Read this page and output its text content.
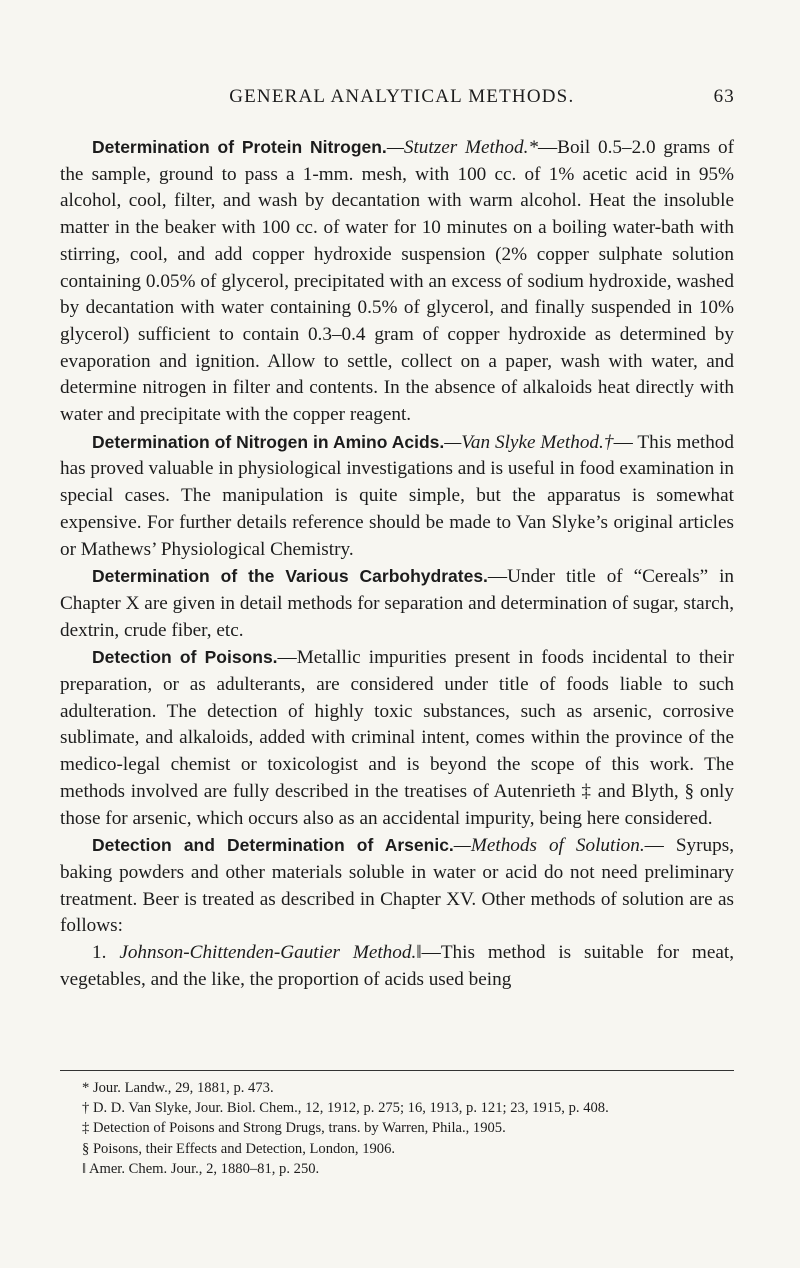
GENERAL ANALYTICAL METHODS.	63

Determination of Protein Nitrogen.—Stutzer Method.*—Boil 0.5–2.0 grams of the sample, ground to pass a 1-mm. mesh, with 100 cc. of 1% acetic acid in 95% alcohol, cool, filter, and wash by decantation with warm alcohol. Heat the insoluble matter in the beaker with 100 cc. of water for 10 minutes on a boiling water-bath with stirring, cool, and add copper hydroxide suspension (2% copper sulphate solution containing 0.05% of glycerol, precipitated with an excess of sodium hydroxide, washed by decantation with water containing 0.5% of glycerol, and finally suspended in 10% glycerol) sufficient to contain 0.3–0.4 gram of copper hydroxide as determined by evaporation and ignition. Allow to settle, collect on a paper, wash with water, and determine nitrogen in filter and contents. In the absence of alkaloids heat directly with water and precipitate with the copper reagent.

Determination of Nitrogen in Amino Acids.—Van Slyke Method.†— This method has proved valuable in physiological investigations and is useful in food examination in special cases. The manipulation is quite simple, but the apparatus is somewhat expensive. For further details reference should be made to Van Slyke’s original articles or Mathews’ Physiological Chemistry.

Determination of the Various Carbohydrates.—Under title of “Cereals” in Chapter X are given in detail methods for separation and determination of sugar, starch, dextrin, crude fiber, etc.

Detection of Poisons.—Metallic impurities present in foods incidental to their preparation, or as adulterants, are considered under title of foods liable to such adulteration. The detection of highly toxic substances, such as arsenic, corrosive sublimate, and alkaloids, added with criminal intent, comes within the province of the medico-legal chemist or toxicologist and is beyond the scope of this work. The methods involved are fully described in the treatises of Autenrieth ‡ and Blyth, § only those for arsenic, which occurs also as an accidental impurity, being here considered.

Detection and Determination of Arsenic.—Methods of Solution.— Syrups, baking powders and other materials soluble in water or acid do not need preliminary treatment. Beer is treated as described in Chapter XV. Other methods of solution are as follows:

1. Johnson-Chittenden-Gautier Method.‖—This method is suitable for meat, vegetables, and the like, the proportion of acids used being

* Jour. Landw., 29, 1881, p. 473.
† D. D. Van Slyke, Jour. Biol. Chem., 12, 1912, p. 275; 16, 1913, p. 121; 23, 1915, p. 408.
‡ Detection of Poisons and Strong Drugs, trans. by Warren, Phila., 1905.
§ Poisons, their Effects and Detection, London, 1906.
‖ Amer. Chem. Jour., 2, 1880–81, p. 250.
